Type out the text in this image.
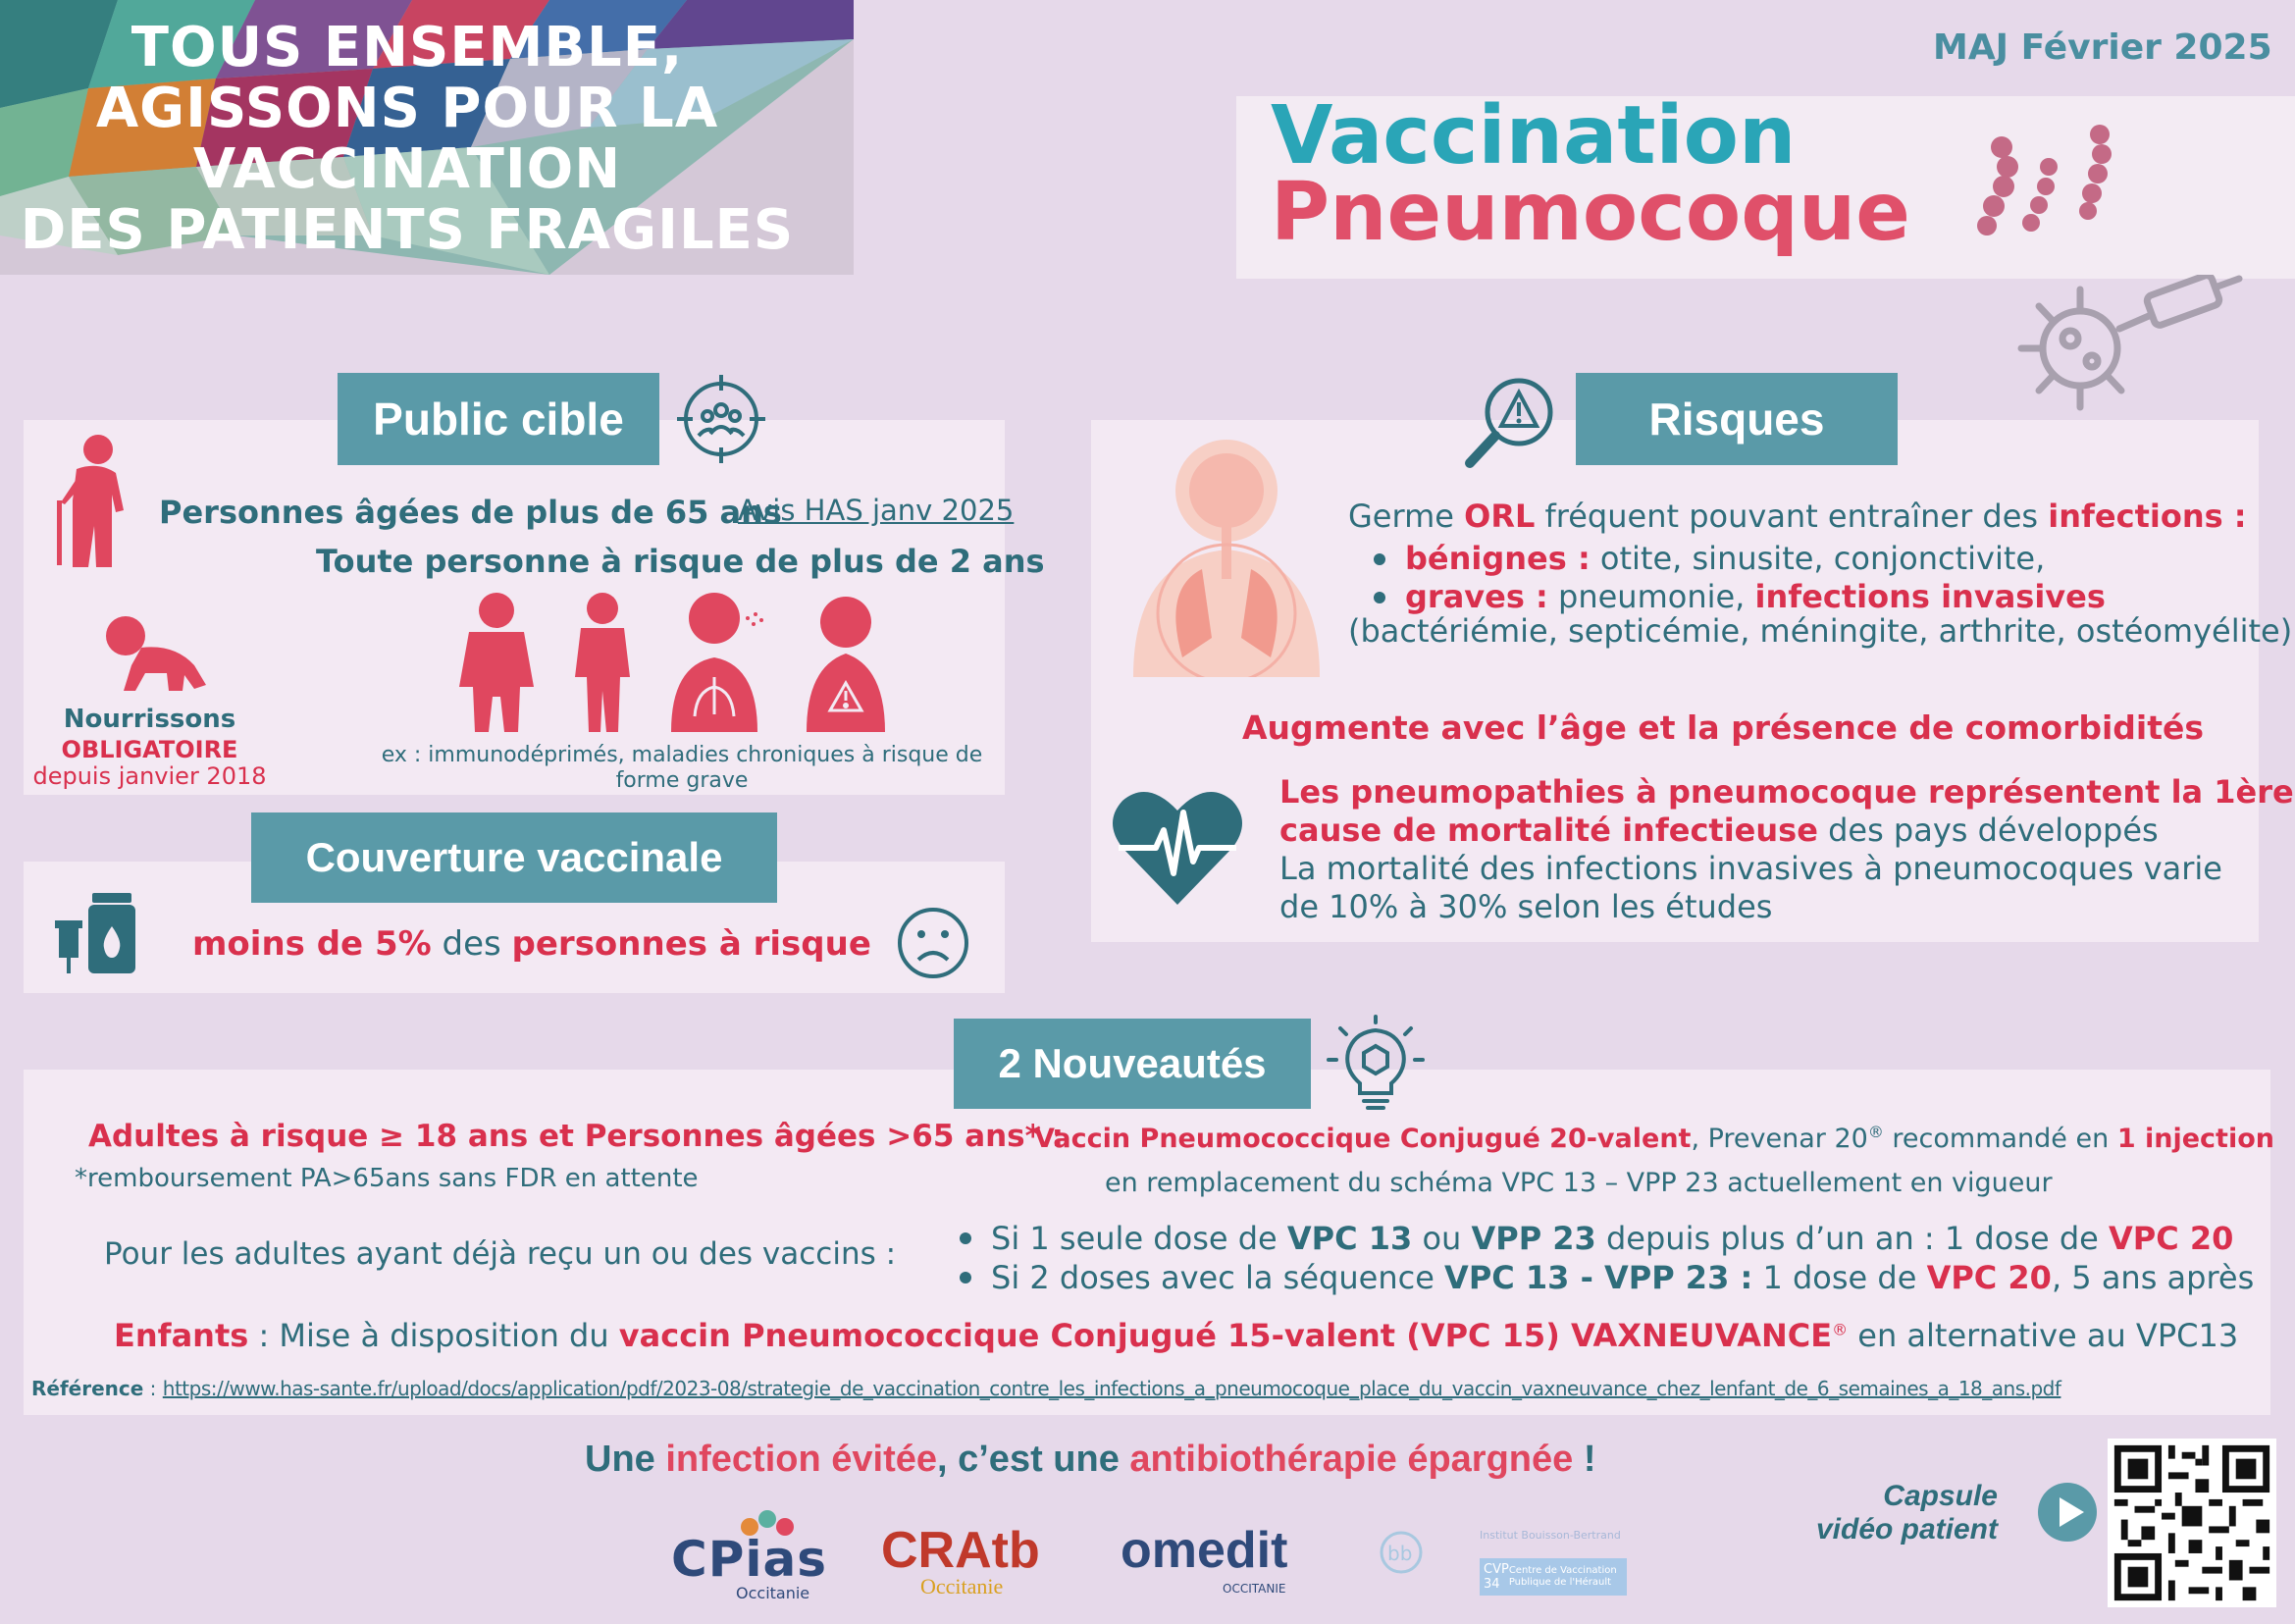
TOUS ENSEMBLE,
AGISSONS POUR LA VACCINATION
DES PATIENTS FRAGILES
MAJ Février 2025
Vaccination
Pneumocoque
Public cible
Personnes âgées de plus de 65 ans
Avis HAS janv 2025
Toute personne à risque de plus de 2 ans
Nourrissons
OBLIGATOIRE
depuis janvier 2018
ex : immunodéprimés, maladies chroniques à risque de
forme grave
Couverture vaccinale
moins de 5% des personnes à risque
Risques
Germe ORL fréquent pouvant entraîner des infections :
bénignes : otite, sinusite, conjonctivite,
graves : pneumonie, infections invasives
(bactériémie, septicémie, méningite, arthrite, ostéomyélite)
Augmente avec l’âge et la présence de comorbidités
Les pneumopathies à pneumocoque représentent la 1ère
cause de mortalité infectieuse des pays développés
La mortalité des infections invasives à pneumocoques varie
de 10% à 30% selon les études
2 Nouveautés
Adultes à risque ≥ 18 ans et Personnes âgées >65 ans* :
*remboursement PA>65ans sans FDR en attente
Vaccin Pneumococcique Conjugué 20-valent, Prevenar 20® recommandé en 1 injection
en remplacement du schéma VPC 13 – VPP 23 actuellement en vigueur
Pour les adultes ayant déjà reçu un ou des vaccins :	Si 1 seule dose de VPC 13 ou VPP 23 depuis plus d’un an : 1 dose de VPC 20
Si 2 doses avec la séquence VPC 13 - VPP 23 : 1 dose de VPC 20, 5 ans après
Enfants : Mise à disposition du vaccin Pneumococcique Conjugué 15-valent (VPC 15) VAXNEUVANCE® en alternative au VPC13
Référence : https://www.has-sante.fr/upload/docs/application/pdf/2023-08/strategie_de_vaccination_contre_les_infections_a_pneumocoque_place_du_vaccin_vaxneuvance_chez_lenfant_de_6_semaines_a_18_ans.pdf
Une infection évitée, c’est une antibiothérapie épargnée !
CPias
Occitanie
CRAtb
Occitanie
omedit
OCCITANIE
bb
Institut Bouisson-Bertrand
CVP 34
Centre de Vaccination Publique de l'Hérault
Capsule
vidéo patient
